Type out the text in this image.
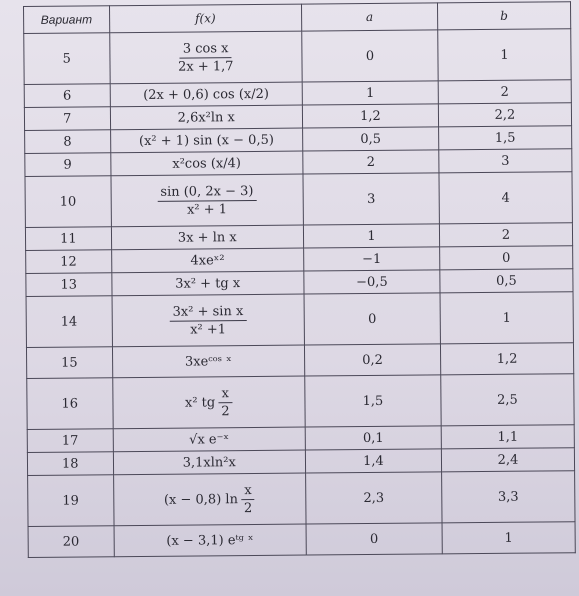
Вариант	f(x)	a	b
5	$\frac{\text{3 cos x}}{2x + 1,7}$	0	1
6	(2x + 0,6) cos (x/2)	1	2
7	2,6x²ln x	1,2	2,2
8	(x² + 1) sin (x − 0,5)	0,5	1,5
9	x²cos (x/4)	2	3
10	$\frac{\sin (0, 2x - 3)}{\text{x² + 1}}$	3	4
11	3x + ln x	1	2
12	4xeˣ²	−1	0
13	3x² + tg x	−0,5	0,5
14	$\frac{\text{3x² + sin x}}{\text{x² +1}}$	0	1
15	3xeᶜᵒˢ ˣ	0,2	1,2
16	x² tg $\frac{x}{2}$	1,5	2,5
17	√x e⁻ˣ	0,1	1,1
18	3,1xln²x	1,4	2,4
19	(x − 0,8) $\ln \frac{x}{2}$	2,3	3,3
20	(x − 3,1) eᵗᵍ ˣ	0	1
